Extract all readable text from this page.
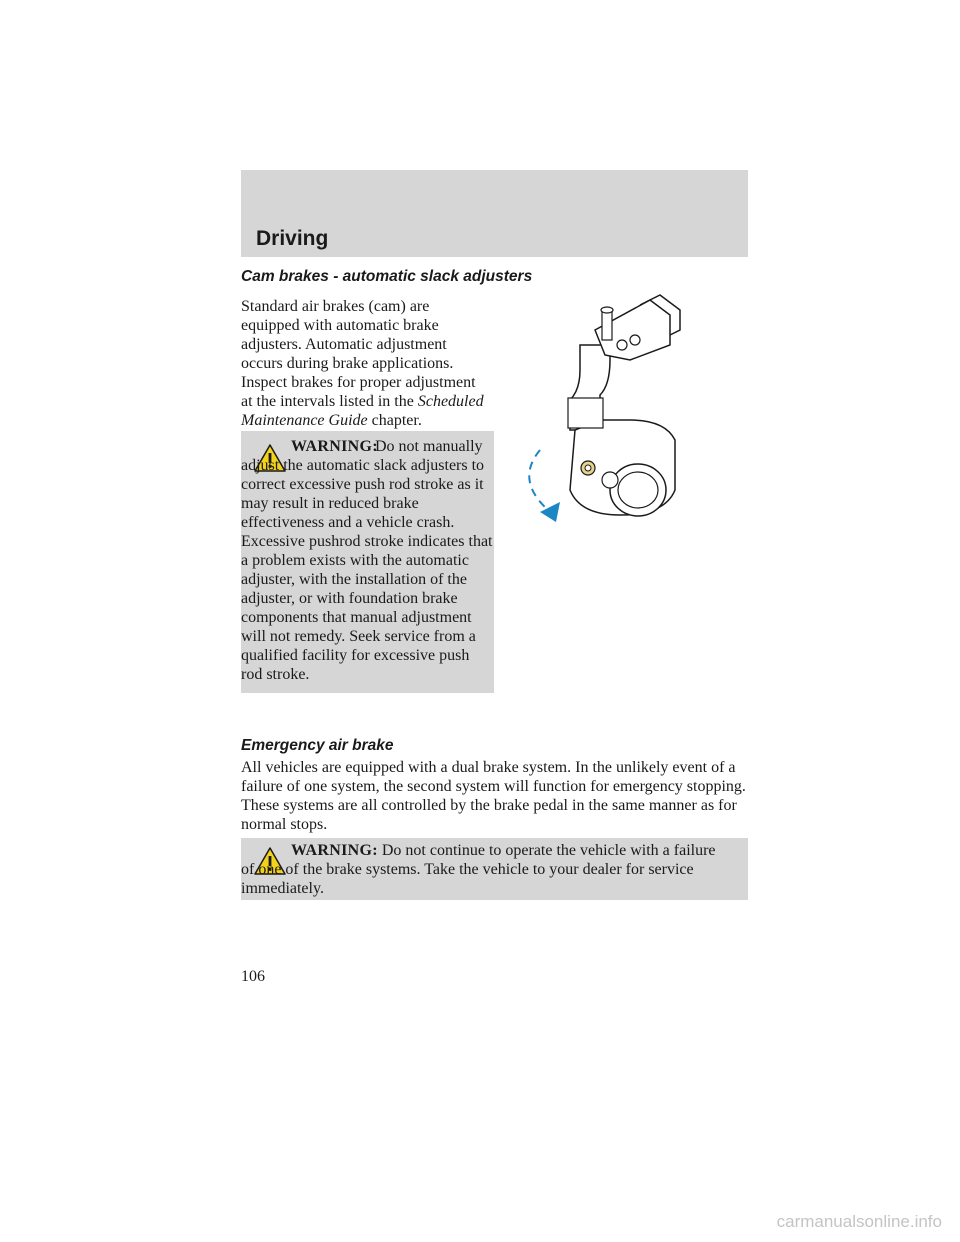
Driving
Cam brakes - automatic slack adjusters

Standard air brakes (cam) are equipped with automatic brake adjusters. Automatic adjustment occurs during brake applications. Inspect brakes for proper adjustment at the intervals listed in the Scheduled Maintenance Guide chapter.

WARNING:
Do not manually adjust the automatic slack adjusters to correct excessive push rod stroke as it may result in reduced brake effectiveness and a vehicle crash. Excessive pushrod stroke indicates that a problem exists with the automatic adjuster, with the installation of the adjuster, or with foundation brake components that manual adjustment will not remedy. Seek service from a qualified facility for excessive push rod stroke.
Emergency air brake

All vehicles are equipped with a dual brake system. In the unlikely event of a failure of one system, the second system will function for emergency stopping. These systems are all controlled by the brake pedal in the same manner as for normal stops.

WARNING: Do not continue to operate the vehicle with a failure of one of the brake systems. Take the vehicle to your dealer for service immediately.
106
carmanualsonline.info
